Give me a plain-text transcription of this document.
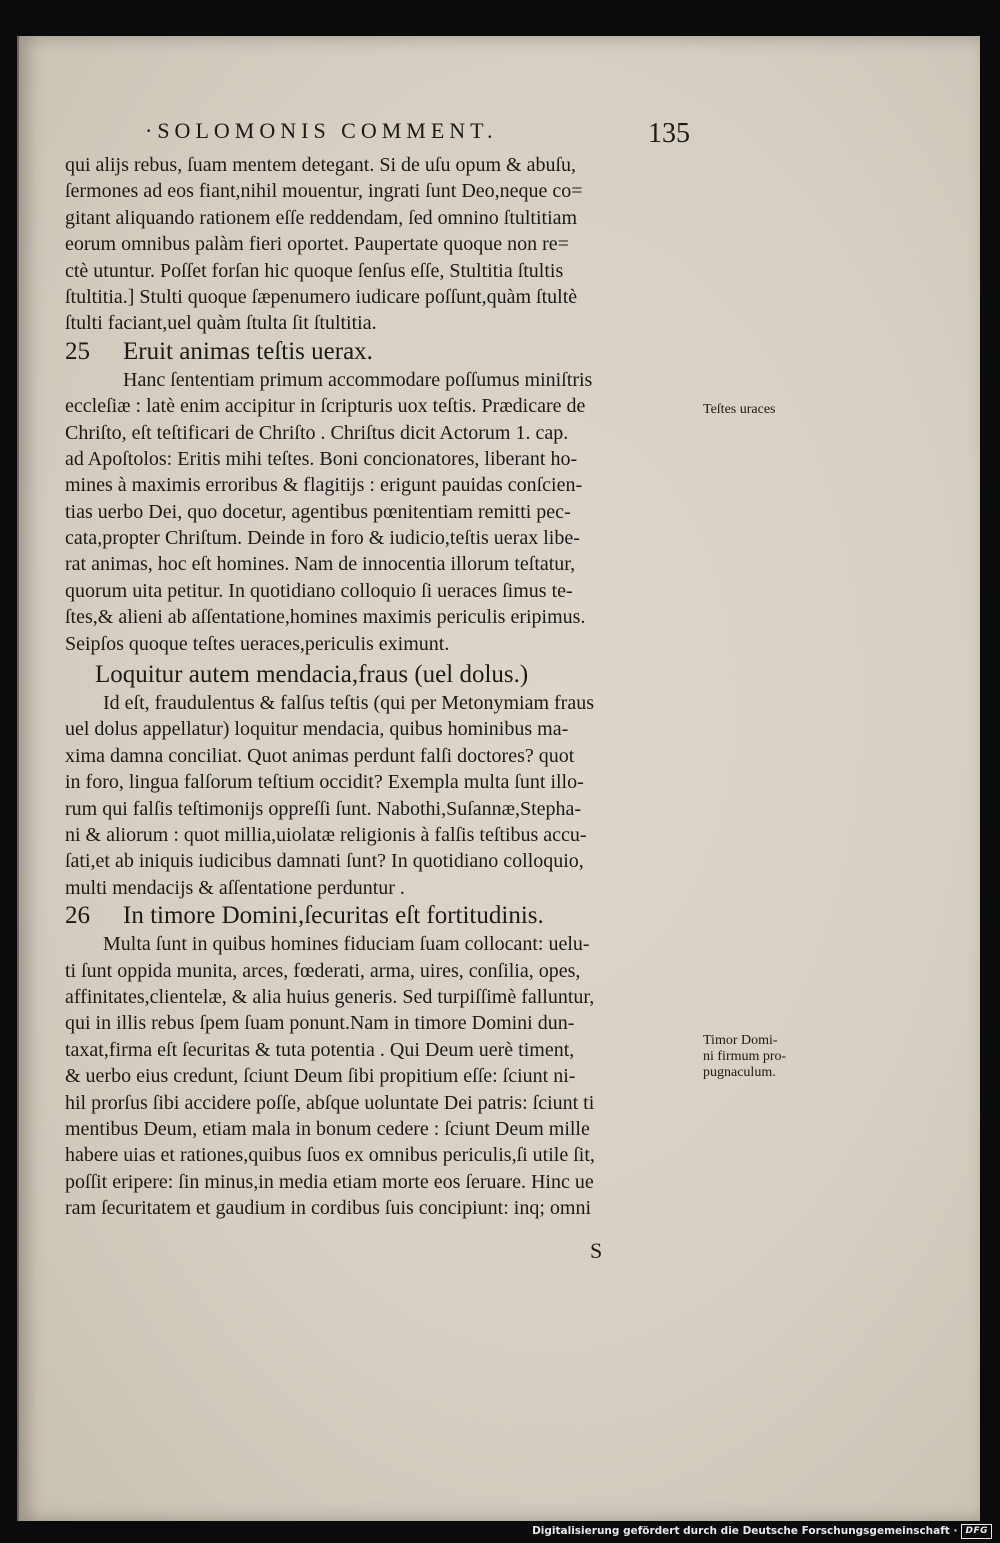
·SOLOMONIS COMMENT.	135
qui alijs rebus, ſuam mentem detegant. Si de uſu opum & abuſu,
ſermones ad eos fiant,nihil mouentur, ingrati ſunt Deo,neque co=
gitant aliquando rationem eſſe reddendam, ſed omnino ſtultitiam
eorum omnibus palàm fieri oportet. Paupertate quoque non re=
ctè utuntur. Poſſet forſan hic quoque ſenſus eſſe, Stultitia ſtultis
ſtultitia.] Stulti quoque ſæpenumero iudicare poſſunt,quàm ſtultè
ſtulti faciant,uel quàm ſtulta ſit ſtultitia.
25 Eruit animas teſtis uerax.
Hanc ſententiam primum accommodare poſſumus miniſtris
eccleſiæ : latè enim accipitur in ſcripturis uox teſtis. Prædicare de
Chriſto, eſt teſtificari de Chriſto . Chriſtus dicit Actorum 1. cap.
ad Apoſtolos: Eritis mihi teſtes. Boni concionatores, liberant ho-
mines à maximis erroribus & flagitijs : erigunt pauidas conſcien-
tias uerbo Dei, quo docetur, agentibus pœnitentiam remitti pec-
cata,propter Chriſtum. Deinde in foro & iudicio,teſtis uerax libe-
rat animas, hoc eſt homines. Nam de innocentia illorum teſtatur,
quorum uita petitur. In quotidiano colloquio ſi ueraces ſimus te-
ſtes,& alieni ab aſſentatione,homines maximis periculis eripimus.
Seipſos quoque teſtes ueraces,periculis eximunt.
Loquitur autem mendacia,fraus (uel dolus.)
Id eſt, fraudulentus & falſus teſtis (qui per Metonymiam fraus
uel dolus appellatur) loquitur mendacia, quibus hominibus ma-
xima damna conciliat. Quot animas perdunt falſi doctores? quot
in foro, lingua falſorum teſtium occidit? Exempla multa ſunt illo-
rum qui falſis teſtimonijs oppreſſi ſunt. Nabothi,Suſannæ,Stepha-
ni & aliorum : quot millia,uiolatæ religionis à falſis teſtibus accu-
ſati,et ab iniquis iudicibus damnati ſunt? In quotidiano colloquio,
multi mendacijs & aſſentatione perduntur .
26 In timore Domini,ſecuritas eſt fortitudinis.
Multa ſunt in quibus homines fiduciam ſuam collocant: uelu-
ti ſunt oppida munita, arces, fœderati, arma, uires, conſilia, opes,
affinitates,clientelæ, & alia huius generis. Sed turpiſſimè falluntur,
qui in illis rebus ſpem ſuam ponunt.Nam in timore Domini dun-
taxat,firma eſt ſecuritas & tuta potentia . Qui Deum uerè timent,
& uerbo eius credunt, ſciunt Deum ſibi propitium eſſe: ſciunt ni-
hil prorſus ſibi accidere poſſe, abſque uoluntate Dei patris: ſciunt ti
mentibus Deum, etiam mala in bonum cedere : ſciunt Deum mille
habere uias et rationes,quibus ſuos ex omnibus periculis,ſi utile ſit,
poſſit eripere: ſin minus,in media etiam morte eos ſeruare. Hinc ue
ram ſecuritatem et gaudium in cordibus ſuis concipiunt: inq; omni
Teſtes uraces
Timor Domi-
ni firmum pro-
pugnaculum.
S
Digitalisierung gefördert durch die Deutsche Forschungsgemeinschaft · DFG
